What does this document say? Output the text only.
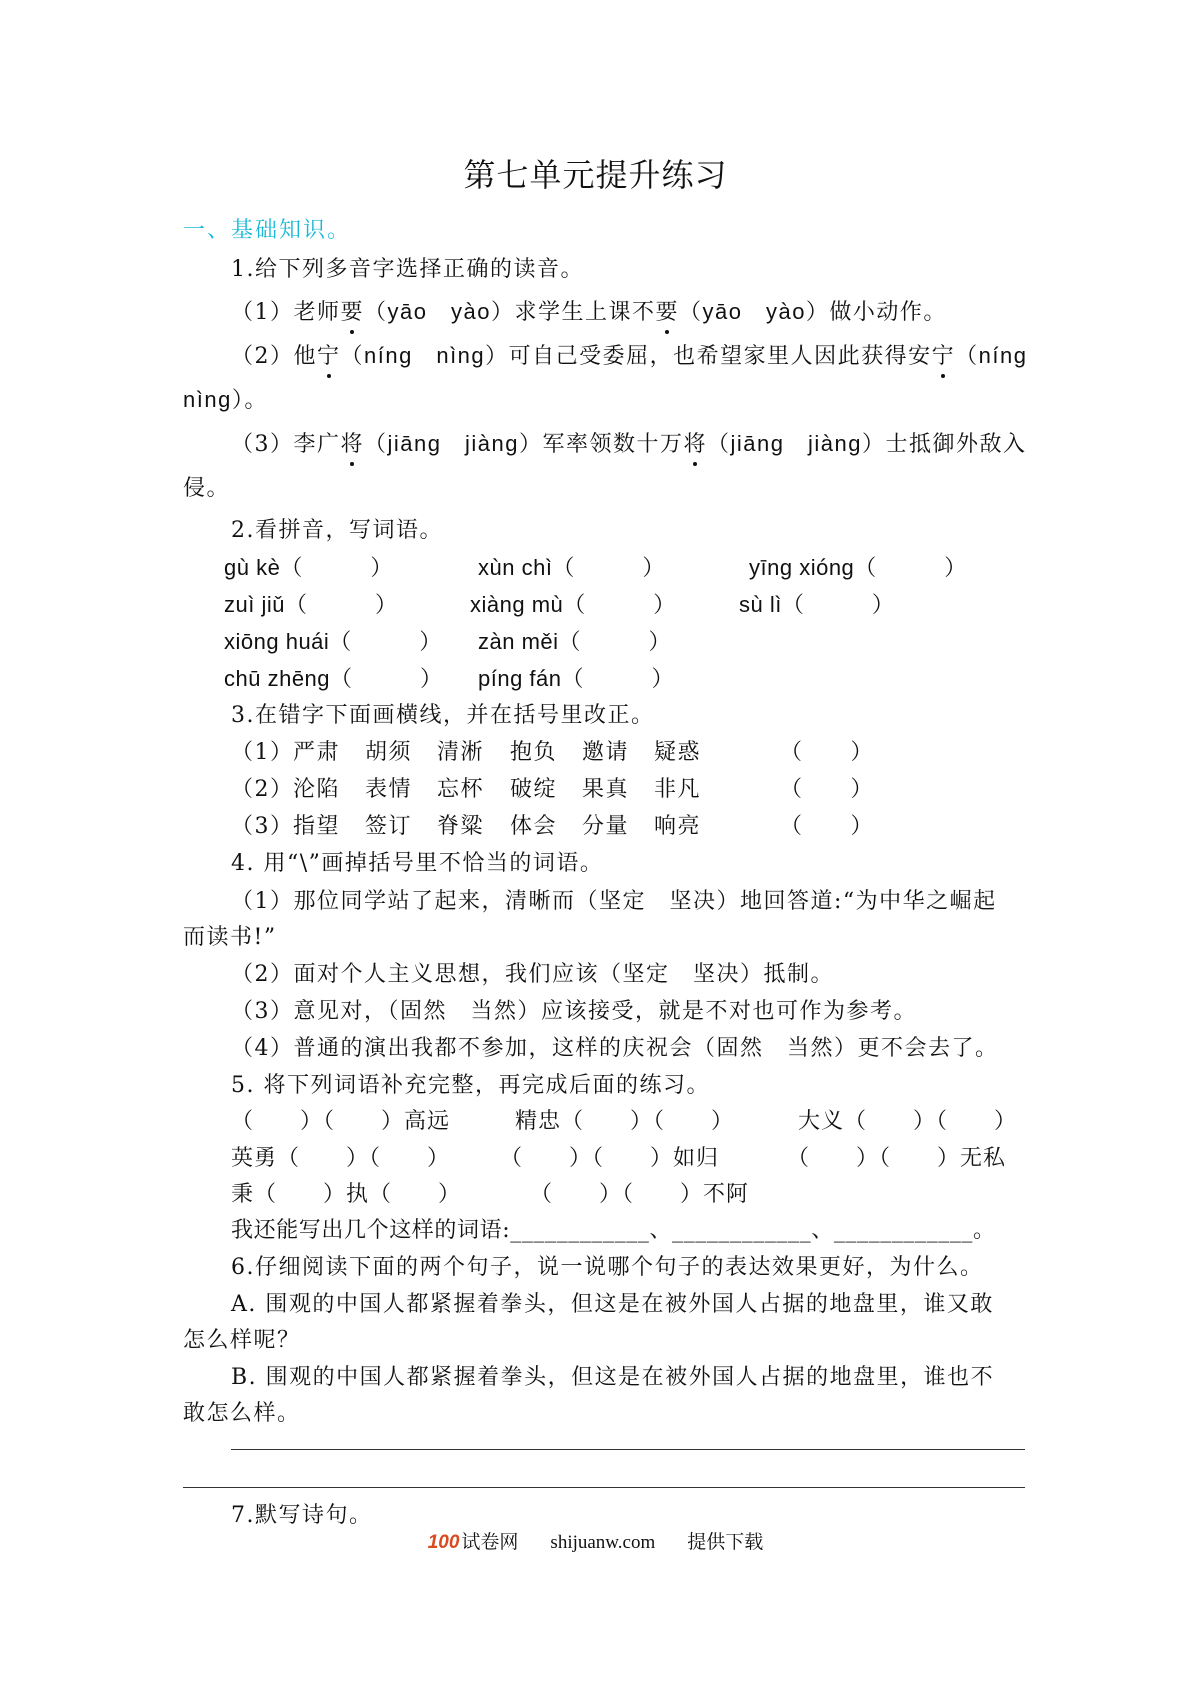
第七单元提升练习
一、基础知识。
1.给下列多音字选择正确的读音。
（1）老师要（yāo　yào）求学生上课不要（yāo　yào）做小动作。
（2）他宁（níng　nìng）可自己受委屈，也希望家里人因此获得安宁（níng
nìng）。
（3）李广将（jiāng　jiàng）军率领数十万将（jiāng　jiàng）士抵御外敌入
侵。
2.看拼音，写词语。
gù kè（　　　）	xùn chì（　　　）	yīng xióng（　　　）
zuì jiǔ（　　　）	xiàng mù（　　　）	sù lì（　　　）
xiōng huái（　　　） zàn měi（　　　）
chū zhēng（　　　） píng fán（　　　）
3.在错字下面画横线，并在括号里改正。
（1） 严肃 胡须 清淅 抱负 邀请 疑惑	（　　）
（2） 沦陷 表情 忘杯 破绽 果真 非凡	（　　）
（3） 指望 签订 脊粱 体会 分量 响亮	（　　）
4. 用“\”画掉括号里不恰当的词语。
（1）那位同学站了起来，清晰而（坚定　坚决）地回答道:“为中华之崛起
而读书!”
（2）面对个人主义思想，我们应该（坚定　坚决）抵制。
（3）意见对，（固然　当然）应该接受，就是不对也可作为参考。
（4）普通的演出我都不参加，这样的庆祝会（固然　当然）更不会去了。
5. 将下列词语补充完整，再完成后面的练习。
（　　）（　　）高远	精忠（　　）（　　）	大义（　　）（　　）
英勇（　　）（　　） （　　）（　　）如归	（　　）（　　）无私
秉（　　）执（　　）	（　　）（　　）不阿
我还能写出几个这样的词语:____________、____________、____________。
6.仔细阅读下面的两个句子，说一说哪个句子的表达效果更好，为什么。
A. 围观的中国人都紧握着拳头，但这是在被外国人占据的地盘里，谁又敢
怎么样呢？
B. 围观的中国人都紧握着拳头，但这是在被外国人占据的地盘里，谁也不
敢怎么样。
7.默写诗句。
100 试卷网 shijuanw.com 提供下载
